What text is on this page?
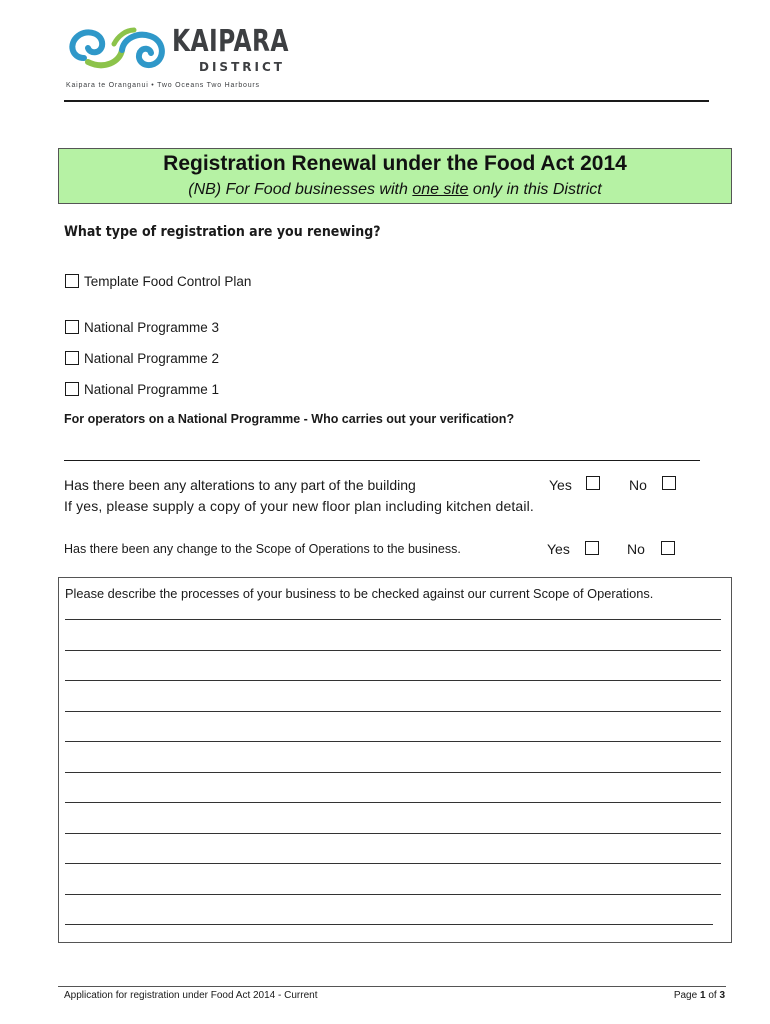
KAIPARA
DISTRICT
Kaipara te Oranganui • Two Oceans Two Harbours
Registration Renewal under the Food Act 2014
(NB) For Food businesses with one site only in this District
What type of registration are you renewing?
Template Food Control Plan
National Programme 3
National Programme 2
National Programme 1
For operators on a National Programme - Who carries out your verification?
Has there been any alterations to any part of the building	Yes	No
If yes, please supply a copy of your new floor plan including kitchen detail.
Has there been any change to the Scope of Operations to the business.	Yes	No
Please describe the processes of your business to be checked against our current Scope of Operations.
Application for registration under Food Act 2014 - Current	Page 1 of 3
